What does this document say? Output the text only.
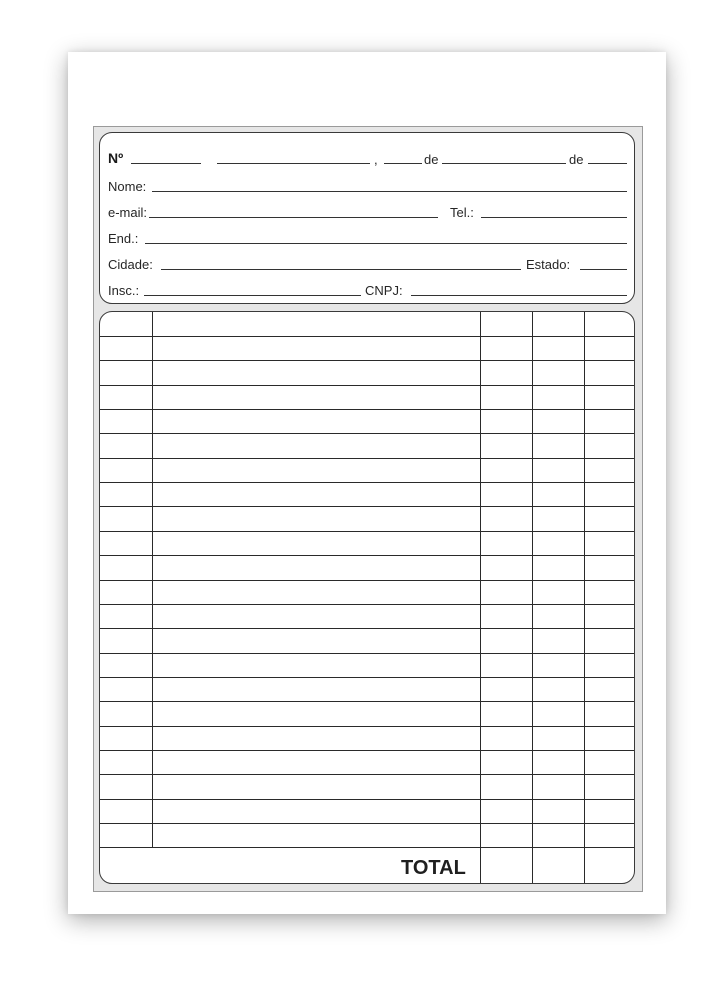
Nº	,	de	de
Nome:
e-mail:	Tel.:
End.:
Cidade:	Estado:
Insc.:	CNPJ:
TOTAL
